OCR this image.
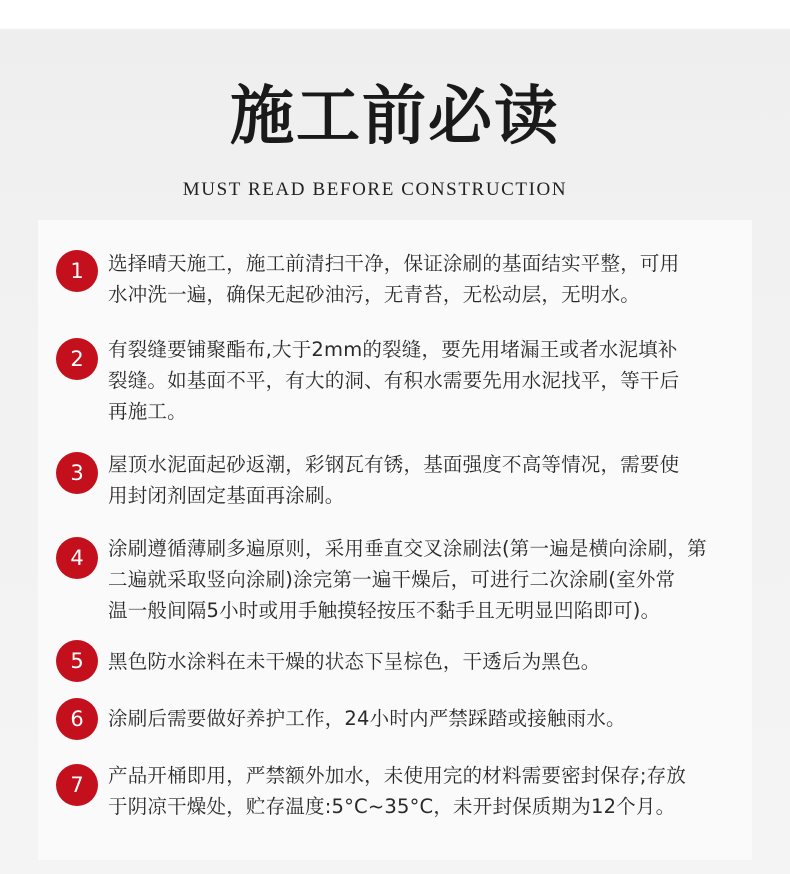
施工前必读
MUST READ BEFORE CONSTRUCTION
1	选择晴天施工，施工前清扫干净，保证涂刷的基面结实平整，可用
水冲洗一遍，确保无起砂油污，无青苔，无松动层，无明水。
2	有裂缝要铺聚酯布,大于2mm的裂缝，要先用堵漏王或者水泥填补
裂缝。如基面不平，有大的洞、有积水需要先用水泥找平，等干后
再施工。
3	屋顶水泥面起砂返潮，彩钢瓦有锈，基面强度不高等情况，需要使
用封闭剂固定基面再涂刷。
4	涂刷遵循薄刷多遍原则，采用垂直交叉涂刷法(第一遍是横向涂刷，第
二遍就采取竖向涂刷)涂完第一遍干燥后，可进行二次涂刷(室外常
温一般间隔5小时或用手触摸轻按压不黏手且无明显凹陷即可)。
5	黑色防水涂料在未干燥的状态下呈棕色，干透后为黑色。
6	涂刷后需要做好养护工作，24小时内严禁踩踏或接触雨水。
7	产品开桶即用，严禁额外加水，未使用完的材料需要密封保存;存放
于阴凉干燥处，贮存温度:5°C~35°C，未开封保质期为12个月。
